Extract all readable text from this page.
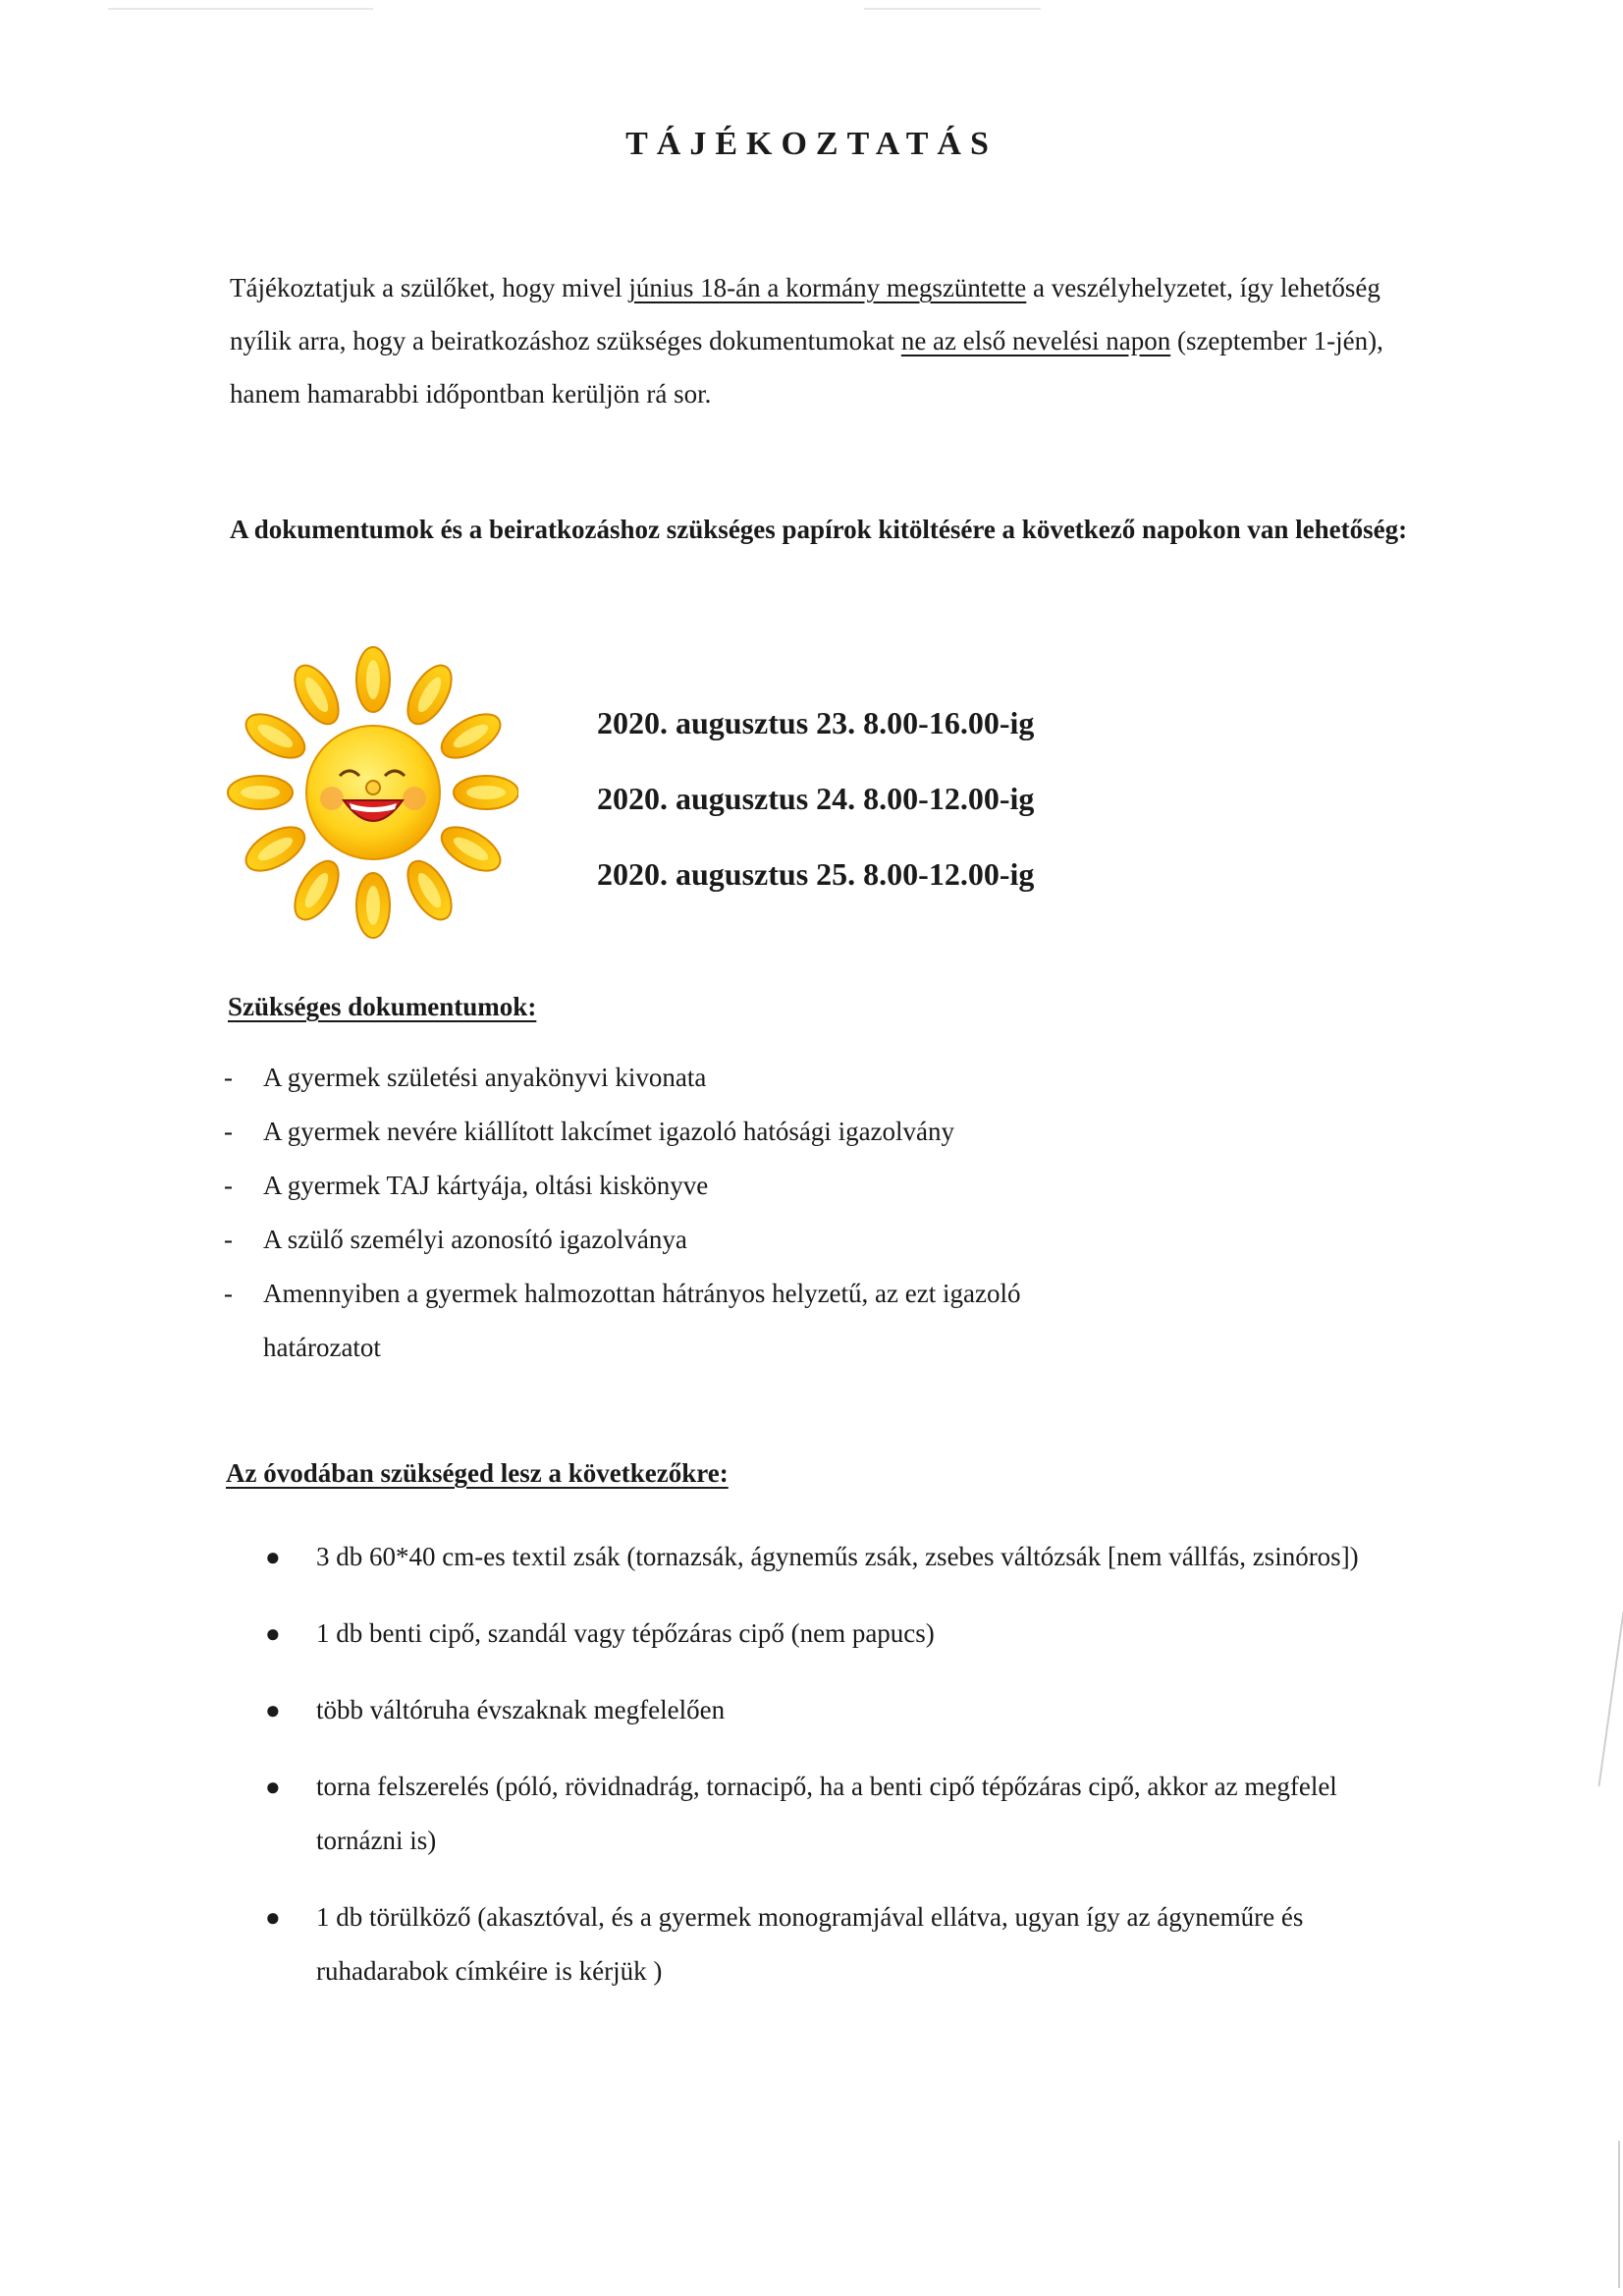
TÁJÉKOZTATÁS
Tájékoztatjuk a szülőket, hogy mivel június 18-án a kormány megszüntette a veszélyhelyzetet, így lehetőség nyílik arra, hogy a beiratkozáshoz szükséges dokumentumokat ne az első nevelési napon (szeptember 1-jén), hanem hamarabbi időpontban kerüljön rá sor.
A dokumentumok és a beiratkozáshoz szükséges papírok kitöltésére a következő napokon van lehetőség:
2020. augusztus 23. 8.00-16.00-ig
2020. augusztus 24. 8.00-12.00-ig
2020. augusztus 25. 8.00-12.00-ig
Szükséges dokumentumok:
-	A gyermek születési anyakönyvi kivonata
-	A gyermek nevére kiállított lakcímet igazoló hatósági igazolvány
-	A gyermek TAJ kártyája, oltási kiskönyve
-	A szülő személyi azonosító igazolványa
-	Amennyiben a gyermek halmozottan hátrányos helyzetű, az ezt igazoló határozatot
Az óvodában szükséged lesz a következőkre:
●	3 db 60*40 cm-es textil zsák (tornazsák, ágyneműs zsák, zsebes váltózsák [nem vállfás, zsinóros])
●	1 db benti cipő, szandál vagy tépőzáras cipő (nem papucs)
●	több váltóruha évszaknak megfelelően
●	torna felszerelés (póló, rövidnadrág, tornacipő, ha a benti cipő tépőzáras cipő, akkor az megfelel tornázni is)
●	1 db törülköző (akasztóval, és a gyermek monogramjával ellátva, ugyan így az ágyneműre és ruhadarabok címkéire is kérjük )
